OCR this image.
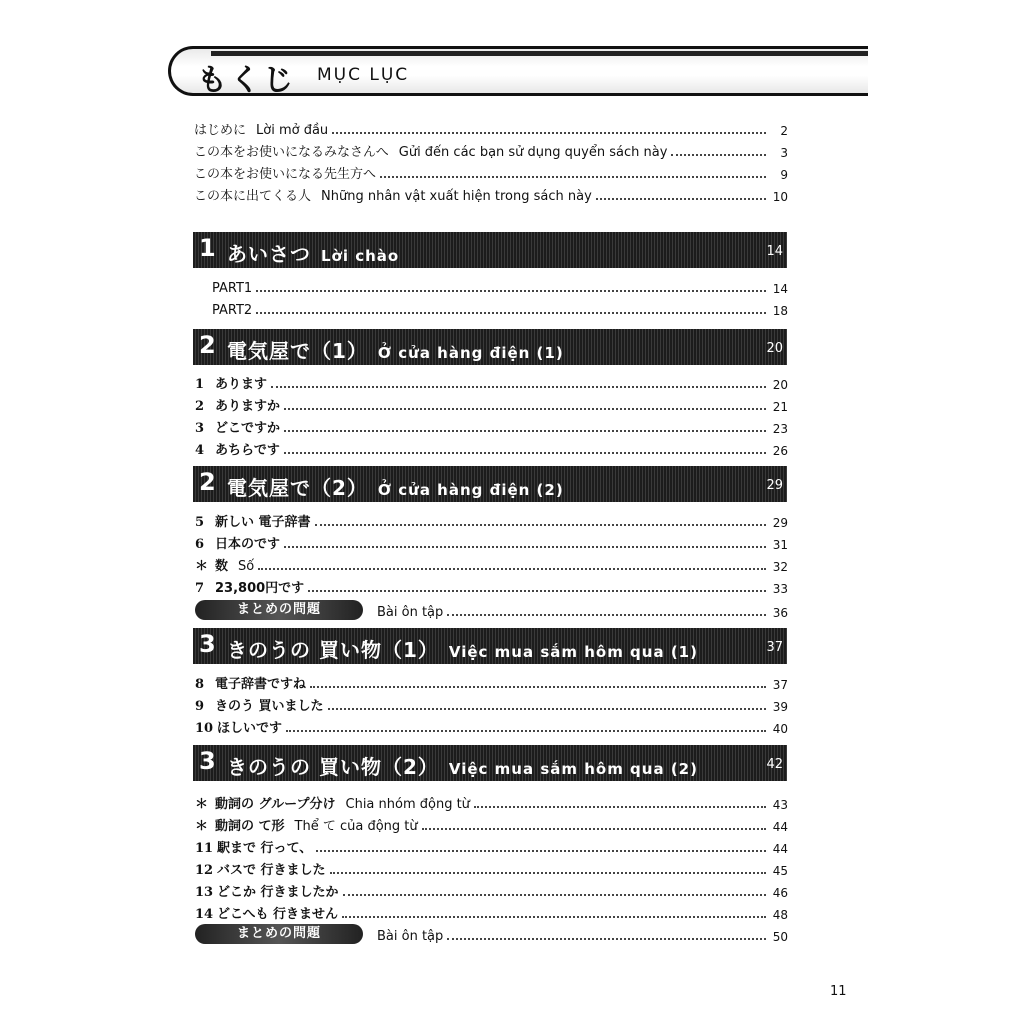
もくじ MỤC LỤC
はじめに Lời mở đầu	2
この本をお使いになるみなさんへ Gửi đến các bạn sử dụng quyển sách này	3
この本をお使いになる先生方へ	9
この本に出てくる人 Những nhân vật xuất hiện trong sách này	10
1 あいさつ Lời chào	14
PART1	14
PART2	18
2 電気屋で（1） Ở cửa hàng điện (1)	20
1 あります	20
2 ありますか	21
3 どこですか	23
4 あちらです	26
2 電気屋で（2） Ở cửa hàng điện (2)	29
5 新しい 電子辞書	29
6 日本のです	31
＊ 数 Số	32
7 23,800円です	33
まとめの問題	Bài ôn tập	36
3 きのうの 買い物（1） Việc mua sắm hôm qua (1)	37
8 電子辞書ですね	37
9 きのう 買いました	39
10 ほしいです	40
3 きのうの 買い物（2） Việc mua sắm hôm qua (2)	42
＊ 動詞の グループ分け Chia nhóm động từ	43
＊ 動詞の て形 Thể て của động từ	44
11 駅まで 行って、	44
12 バスで 行きました	45
13 どこか 行きましたか	46
14 どこへも 行きません	48
まとめの問題	Bài ôn tập	50
11
